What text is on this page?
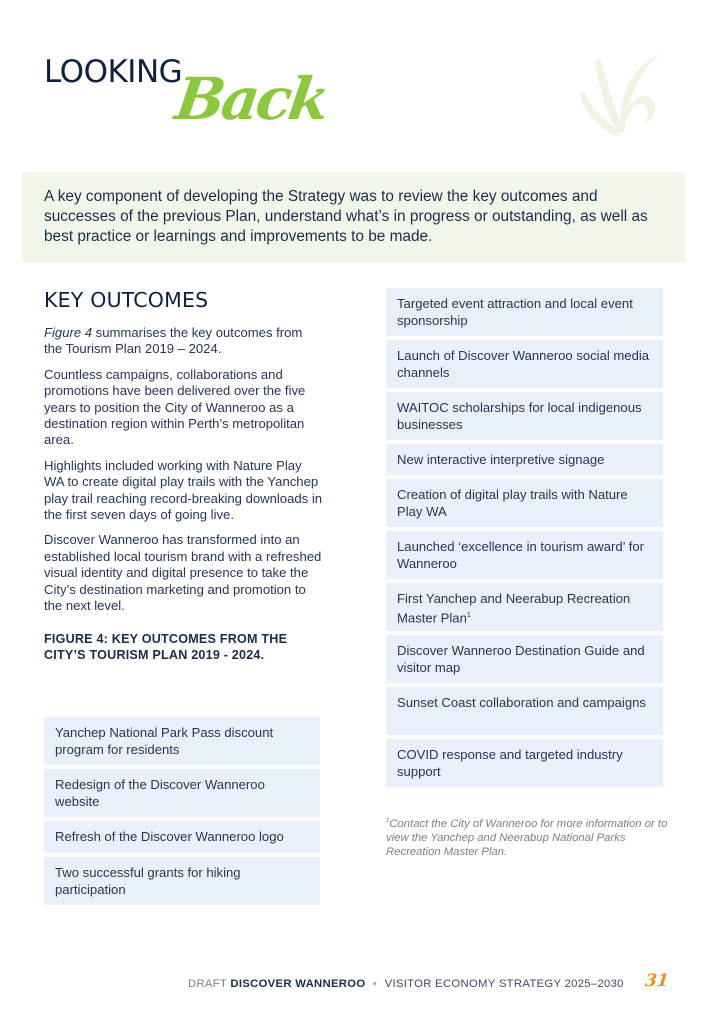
LOOKING
Back

A key component of developing the Strategy was to review the key outcomes and successes of the previous Plan, understand what’s in progress or outstanding, as well as best practice or learnings and improvements to be made.

KEY OUTCOMES

Figure 4 summarises the key outcomes from the Tourism Plan 2019 – 2024.

Countless campaigns, collaborations and promotions have been delivered over the five years to position the City of Wanneroo as a destination region within Perth’s metropolitan area.

Highlights included working with Nature Play WA to create digital play trails with the Yanchep play trail reaching record-breaking downloads in the first seven days of going live.

Discover Wanneroo has transformed into an established local tourism brand with a refreshed visual identity and digital presence to take the City’s destination marketing and promotion to the next level.

FIGURE 4: KEY OUTCOMES FROM THE CITY’S TOURISM PLAN 2019 - 2024.

Yanchep National Park Pass discount program for residents
Redesign of the Discover Wanneroo website
Refresh of the Discover Wanneroo logo
Two successful grants for hiking participation
Targeted event attraction and local event sponsorship
Launch of Discover Wanneroo social media channels
WAITOC scholarships for local indigenous businesses
New interactive interpretive signage
Creation of digital play trails with Nature Play WA
Launched ‘excellence in tourism award’ for Wanneroo
First Yanchep and Neerabup Recreation Master Plan$^1$
Discover Wanneroo Destination Guide and visitor map
Sunset Coast collaboration and campaigns
COVID response and targeted industry support

$^1$Contact the City of Wanneroo for more information or to view the Yanchep and Neerabup National Parks Recreation Master Plan.

DRAFT DISCOVER WANNEROO • VISITOR ECONOMY STRATEGY 2025–2030 31
